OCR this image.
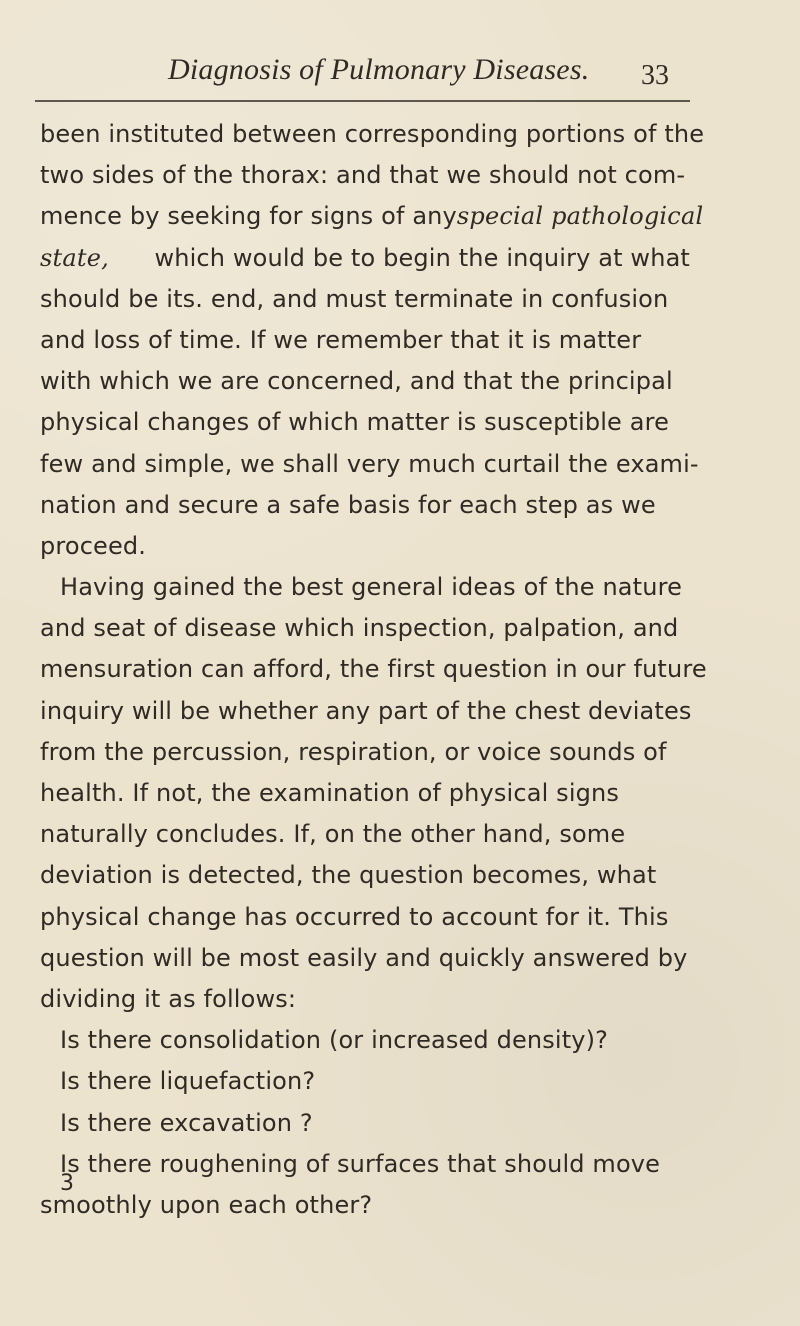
Diagnosis of Pulmonary Diseases. 33
been instituted between corresponding portions of the
two sides of the thorax: and that we should not com-
mence by seeking for signs of any special pathological
state, which would be to begin the inquiry at what
should be its. end, and must terminate in confusion
and loss of time. If we remember that it is matter
with which we are concerned, and that the principal
physical changes of which matter is susceptible are
few and simple, we shall very much curtail the exami-
nation and secure a safe basis for each step as we
proceed.
Having gained the best general ideas of the nature
and seat of disease which inspection, palpation, and
mensuration can afford, the first question in our future
inquiry will be whether any part of the chest deviates
from the percussion, respiration, or voice sounds of
health. If not, the examination of physical signs
naturally concludes. If, on the other hand, some
deviation is detected, the question becomes, what
physical change has occurred to account for it. This
question will be most easily and quickly answered by
dividing it as follows:
Is there consolidation (or increased density)?
Is there liquefaction?
Is there excavation ?
Is there roughening of surfaces that should move
smoothly upon each other?
3
